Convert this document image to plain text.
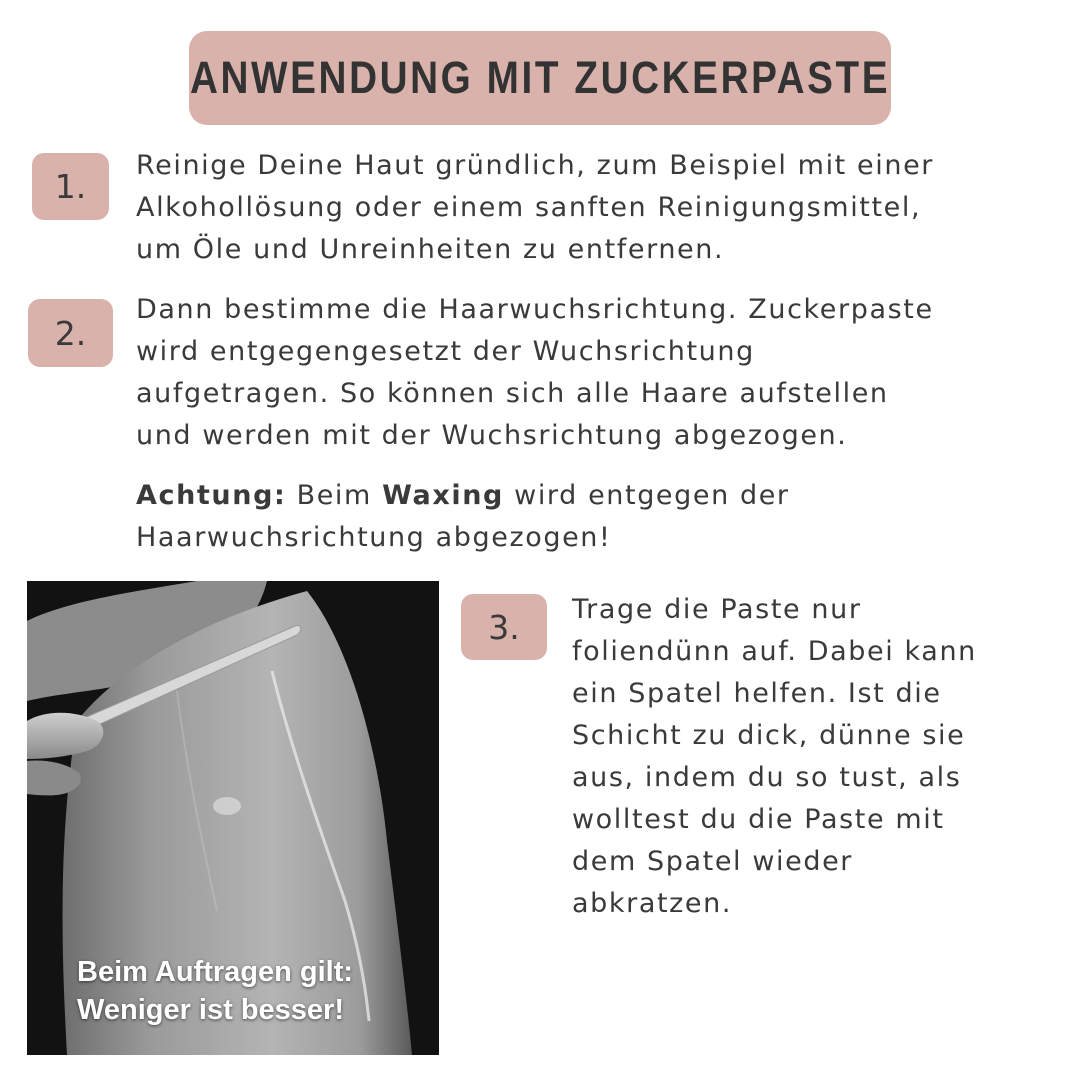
ANWENDUNG MIT ZUCKERPASTE
1.

Reinige Deine Haut gründlich, zum Beispiel mit einer
Alkohollösung oder einem sanften Reinigungsmittel,
um Öle und Unreinheiten zu entfernen.

2.

Dann bestimme die Haarwuchsrichtung. Zuckerpaste
wird entgegengesetzt der Wuchsrichtung
aufgetragen. So können sich alle Haare aufstellen
und werden mit der Wuchsrichtung abgezogen.

Achtung: Beim Waxing wird entgegen der
Haarwuchsrichtung abgezogen!

Beim Auftragen gilt:
Weniger ist besser!
3. Trage die Paste nur
foliendünn auf. Dabei kann
ein Spatel helfen. Ist die
Schicht zu dick, dünne sie
aus, indem du so tust, als
wolltest du die Paste mit
dem Spatel wieder
abkratzen.
